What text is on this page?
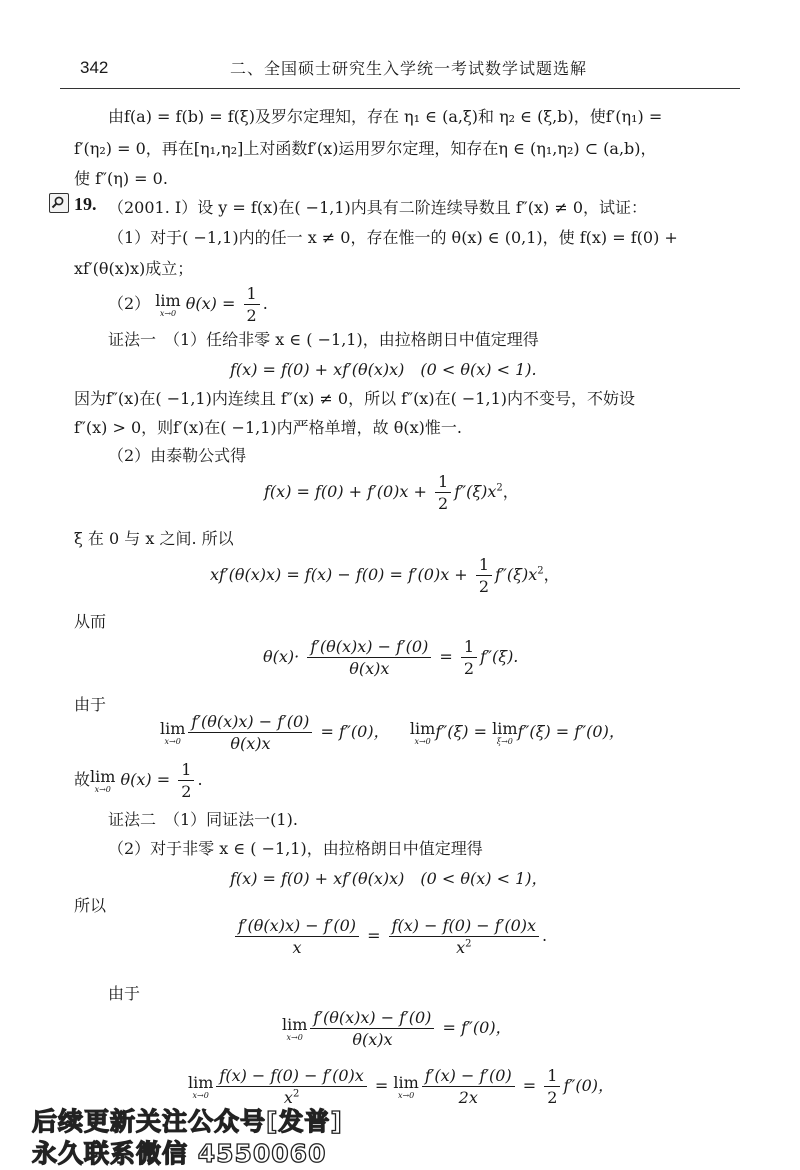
342	二、全国硕士研究生入学统一考试数学试题选解
由f(a) = f(b) = f(ξ)及罗尔定理知，存在 η₁ ∈ (a,ξ)和 η₂ ∈ (ξ,b)，使f′(η₁) =
f′(η₂) = 0，再在[η₁,η₂]上对函数f′(x)运用罗尔定理，知存在η ∈ (η₁,η₂) ⊂ (a,b)，
使 f″(η) = 0.
19. （2001. Ⅰ）设 y = f(x)在( −1,1)内具有二阶连续导数且 f″(x) ≠ 0，试证：
（1）对于( −1,1)内的任一 x ≠ 0，存在惟一的 θ(x) ∈ (0,1)，使 f(x) = f(0) +
xf′(θ(x)x)成立；
（2） lim
x→0
$\theta(x) = \frac{1}{2}$ .
证法一　（1）任给非零 x ∈ ( −1,1)，由拉格朗日中值定理得
f(x) = f(0) + xf′(θ(x)x)　(0 < θ(x) < 1).
因为f″(x)在( −1,1)内连续且 f″(x) ≠ 0，所以 f″(x)在( −1,1)内不变号，不妨设
f″(x) > 0，则f′(x)在( −1,1)内严格单增，故 θ(x)惟一.
（2）由泰勒公式得
$f(x) = f(0) + f'(0)x + \frac{1}{2} f''(\xi)x^2$，
ξ 在 0 与 x 之间. 所以
$xf'(\theta(x)x) = f(x) - f(0) = f'(0)x + \frac{1}{2} f''(\xi)x^2$，
从而
$\theta(x)\cdot \frac{f'(\theta(x)x) - f'(0)}{\theta(x)x} = \frac{1}{2} f''(\xi)$.
由于
lim
$x\to 0 \frac{f'(\theta(x)x) - f'(0)}{\theta(x)x} = f''(0)$， lim
x→0
f″(ξ) = lim
ξ→0
f″(ξ) = f″(0)，
故lim
x→0
$\theta(x) = \frac{1}{2}$ .
证法二　（1）同证法一(1).
（2）对于非零 x ∈ ( −1,1)，由拉格朗日中值定理得
f(x) = f(0) + xf′(θ(x)x)　(0 < θ(x) < 1)，
所以
$\frac{f'(\theta(x)x) - f'(0)}{x} = \frac{f(x) - f(0) - f'(0)x}{x^2}$ .
由于
lim
$x\to 0 \frac{f'(\theta(x)x) - f'(0)}{\theta(x)x} = f''(0)$，
lim
$x\to 0 \frac{f(x) - f(0) - f'(0)x}{x^2} = \lim$
$x\to 0 \frac{f'(x) - f'(0)}{2x} = \frac{1}{2} f''(0)$，
后续更新关注公众号[发普]
永久联系微信 4550060
